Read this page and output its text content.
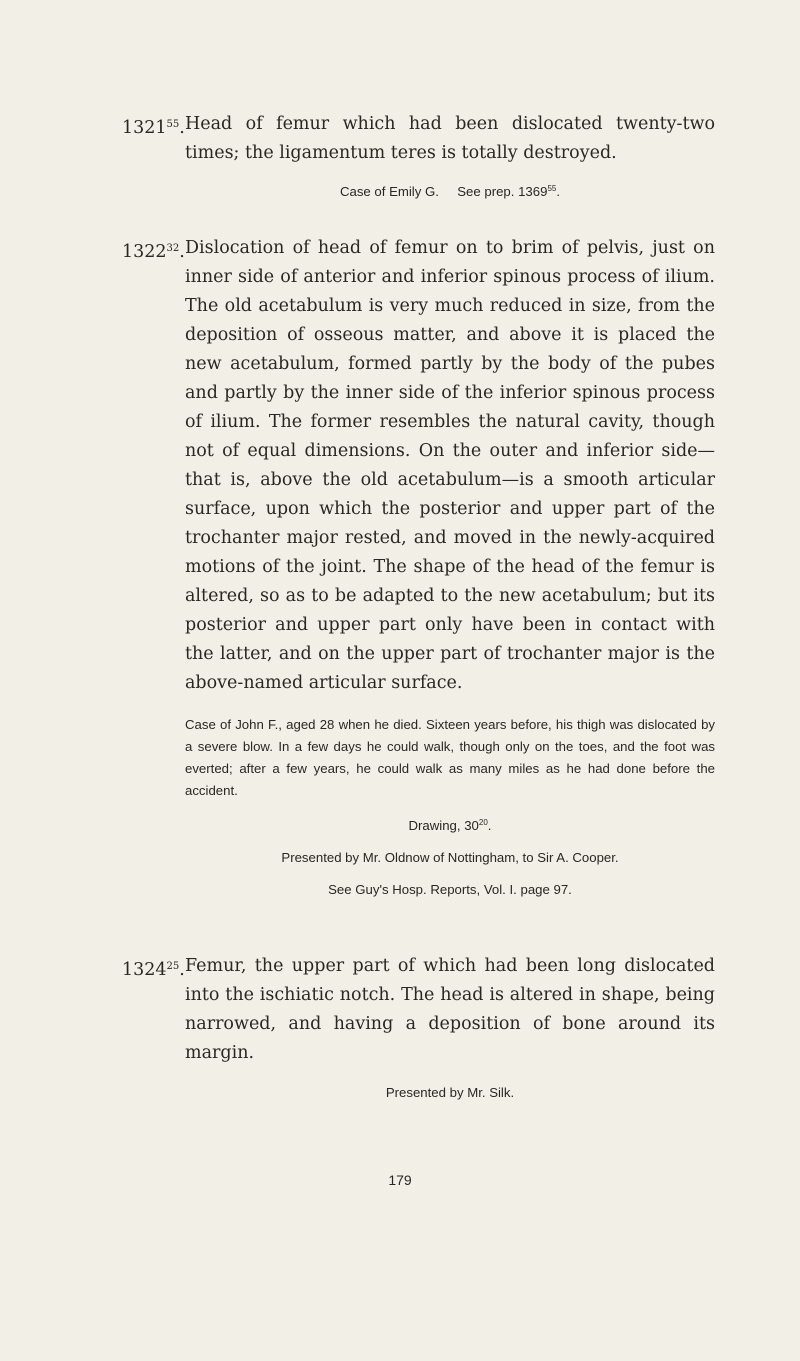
1321$^{55}$. Head of femur which had been dislocated twenty-two times; the ligamentum teres is totally destroyed.
Case of Emily G.     See prep. 1369$^{55}$.
1322$^{32}$. Dislocation of head of femur on to brim of pelvis, just on inner side of anterior and inferior spinous process of ilium. The old acetabulum is very much reduced in size, from the deposition of osseous matter, and above it is placed the new acetabulum, formed partly by the body of the pubes and partly by the inner side of the inferior spinous process of ilium. The former resembles the natural cavity, though not of equal dimensions. On the outer and inferior side—that is, above the old acetabulum—is a smooth articular surface, upon which the posterior and upper part of the trochanter major rested, and moved in the newly-acquired motions of the joint. The shape of the head of the femur is altered, so as to be adapted to the new acetabulum; but its posterior and upper part only have been in contact with the latter, and on the upper part of trochanter major is the above-named articular surface.
Case of John F., aged 28 when he died. Sixteen years before, his thigh was dislocated by a severe blow. In a few days he could walk, though only on the toes, and the foot was everted; after a few years, he could walk as many miles as he had done before the accident.
Drawing, $30^{20}$.
Presented by Mr. Oldnow of Nottingham, to Sir A. Cooper.
See Guy's Hosp. Reports, Vol. I. page 97.
1324$^{25}$. Femur, the upper part of which had been long dislocated into the ischiatic notch. The head is altered in shape, being narrowed, and having a deposition of bone around its margin.
Presented by Mr. Silk.
179
